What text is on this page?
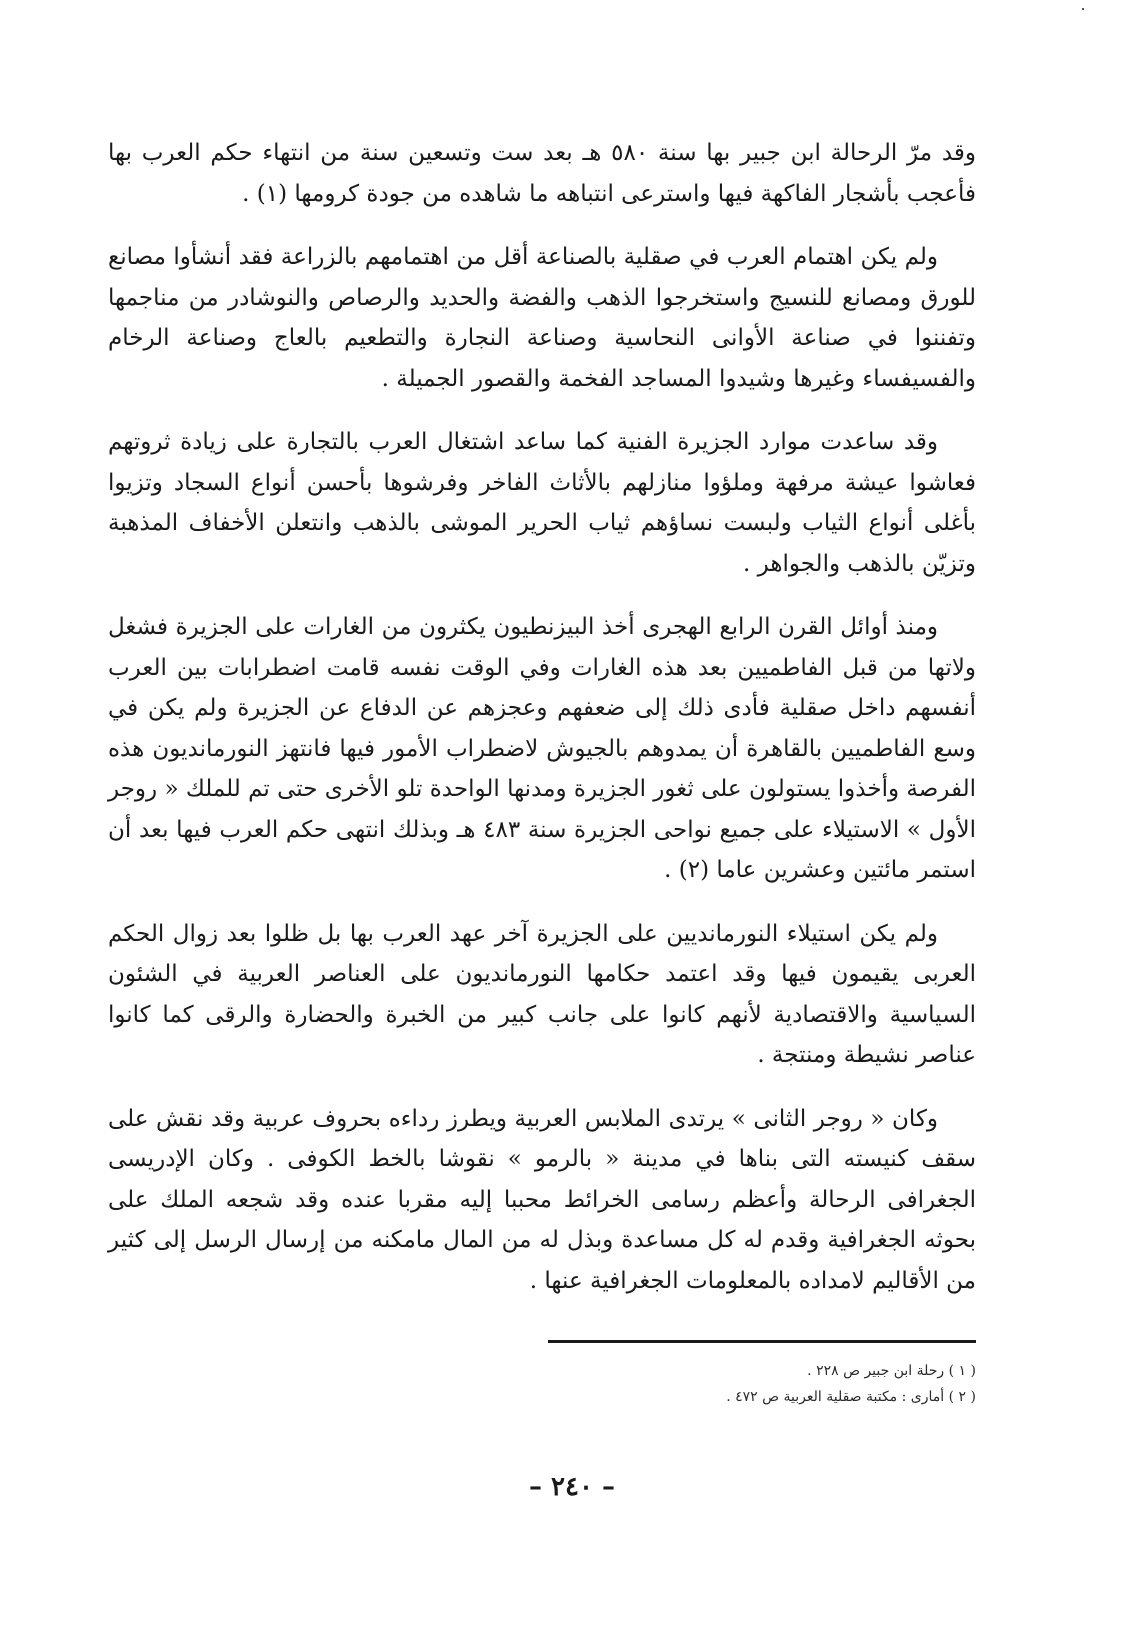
وقد مرّ الرحالة ابن جبير بها سنة ٥٨٠ هـ بعد ست وتسعين سنة من انتهاء حكم العرب بها فأعجب بأشجار الفاكهة فيها واسترعى انتباهه ما شاهده من جودة كرومها (١) .

ولم يكن اهتمام العرب في صقلية بالصناعة أقل من اهتمامهم بالزراعة فقد أنشأوا مصانع للورق ومصانع للنسيج واستخرجوا الذهب والفضة والحديد والرصاص والنوشادر من مناجمها وتفننوا في صناعة الأوانى النحاسية وصناعة النجارة والتطعيم بالعاج وصناعة الرخام والفسيفساء وغيرها وشيدوا المساجد الفخمة والقصور الجميلة .

وقد ساعدت موارد الجزيرة الفنية كما ساعد اشتغال العرب بالتجارة على زيادة ثروتهم فعاشوا عيشة مرفهة وملؤوا منازلهم بالأثاث الفاخر وفرشوها بأحسن أنواع السجاد وتزيوا بأغلى أنواع الثياب ولبست نساؤهم ثياب الحرير الموشى بالذهب وانتعلن الأخفاف المذهبة وتزيّن بالذهب والجواهر .

ومنذ أوائل القرن الرابع الهجرى أخذ البيزنطيون يكثرون من الغارات على الجزيرة فشغل ولاتها من قبل الفاطميين بعد هذه الغارات وفي الوقت نفسه قامت اضطرابات بين العرب أنفسهم داخل صقلية فأدى ذلك إلى ضعفهم وعجزهم عن الدفاع عن الجزيرة ولم يكن في وسع الفاطميين بالقاهرة أن يمدوهم بالجيوش لاضطراب الأمور فيها فانتهز النورمانديون هذه الفرصة وأخذوا يستولون على ثغور الجزيرة ومدنها الواحدة تلو الأخرى حتى تم للملك « روجر الأول » الاستيلاء على جميع نواحى الجزيرة سنة ٤٨٣ هـ وبذلك انتهى حكم العرب فيها بعد أن استمر مائتين وعشرين عاما (٢) .

ولم يكن استيلاء النورمانديين على الجزيرة آخر عهد العرب بها بل ظلوا بعد زوال الحكم العربى يقيمون فيها وقد اعتمد حكامها النورمانديون على العناصر العربية في الشئون السياسية والاقتصادية لأنهم كانوا على جانب كبير من الخبرة والحضارة والرقى كما كانوا عناصر نشيطة ومنتجة .

وكان « روجر الثانى » يرتدى الملابس العربية ويطرز رداءه بحروف عربية وقد نقش على سقف كنيسته التى بناها في مدينة « بالرمو » نقوشا بالخط الكوفى . وكان الإدريسى الجغرافى الرحالة وأعظم رسامى الخرائط محببا إليه مقربا عنده وقد شجعه الملك على بحوثه الجغرافية وقدم له كل مساعدة وبذل له من المال مامكنه من إرسال الرسل إلى كثير من الأقاليم لامداده بالمعلومات الجغرافية عنها .

( ١ ) رحلة ابن جبير ص ٢٢٨ .

( ٢ ) أمارى : مكتبة صقلية العربية ص ٤٧٢ .

– ٢٤٠ –
